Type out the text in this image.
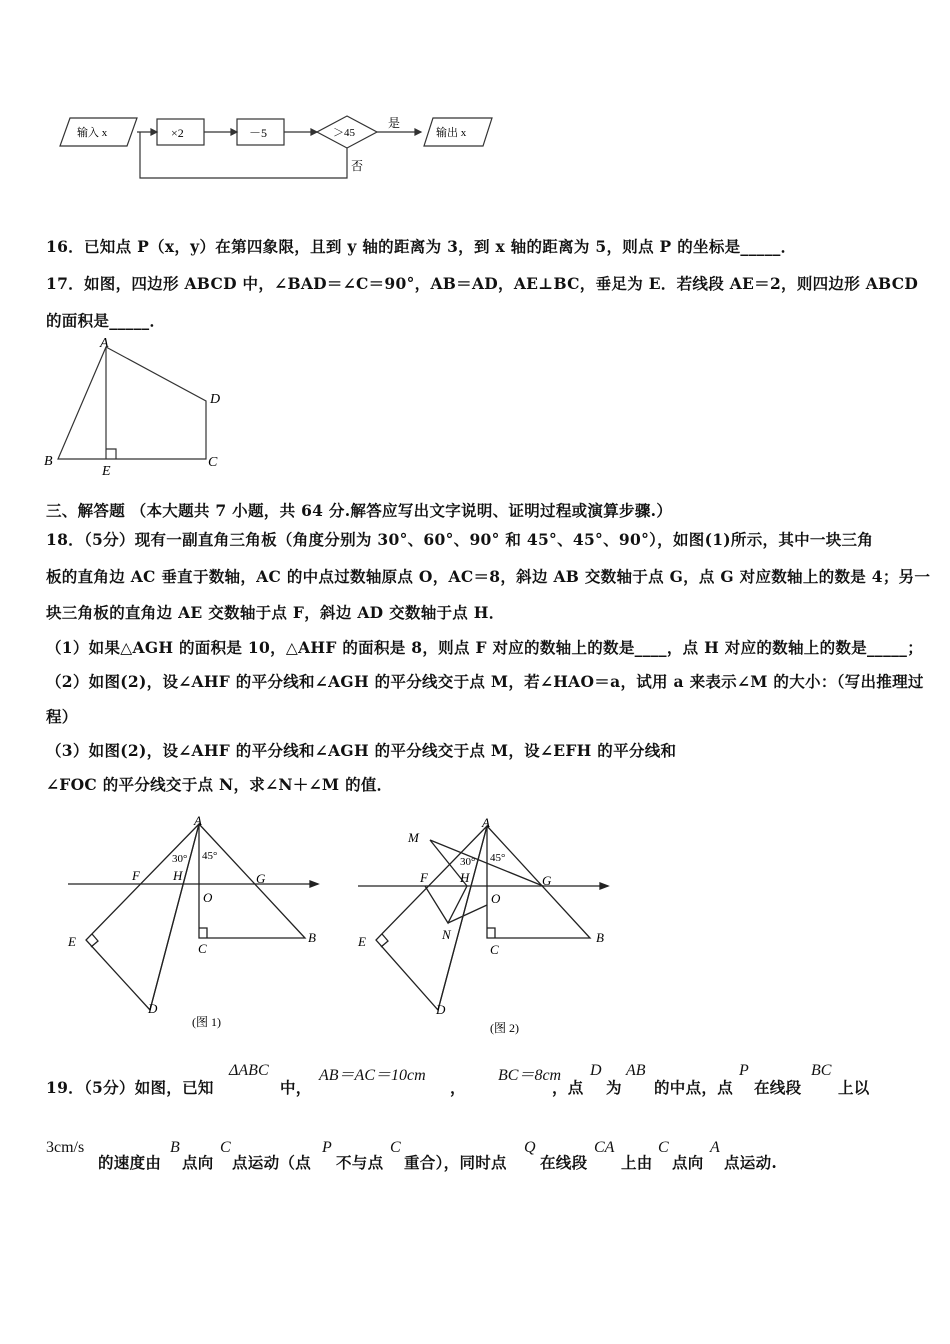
输入 x	×2	－5	＞45
是
否
输出 x
16．已知点 P（x，y）在第四象限，且到 y 轴的距离为 3，到 x 轴的距离为 5，则点 P 的坐标是_____．
17．如图，四边形 ABCD 中，∠BAD＝∠C＝90°，AB＝AD，AE⊥BC，垂足为 E．若线段 AE＝2，则四边形 ABCD
的面积是_____．
A
B
E
C
D
三、解答题 （本大题共 7 小题，共 64 分.解答应写出文字说明、证明过程或演算步骤.）
18．（5分）现有一副直角三角板（角度分别为 30°、60°、90° 和 45°、45°、90°），如图(1)所示，其中一块三角
板的直角边 AC 垂直于数轴，AC 的中点过数轴原点 O，AC＝8，斜边 AB 交数轴于点 G，点 G 对应数轴上的数是 4；另一
块三角板的直角边 AE 交数轴于点 F，斜边 AD 交数轴于点 H．
（1）如果△AGH 的面积是 10，△AHF 的面积是 8，则点 F 对应的数轴上的数是____，点 H 对应的数轴上的数是_____；
（2）如图(2)，设∠AHF 的平分线和∠AGH 的平分线交于点 M，若∠HAO＝a，试用 a 来表示∠M 的大小：（写出推理过
程）
（3）如图(2)，设∠AHF 的平分线和∠AGH 的平分线交于点 M，设∠EFH 的平分线和
∠FOC 的平分线交于点 N，求∠N＋∠M 的值．
A
30° 45°
F	H	G
O
E	C
B
D
(图 1)
M
A
30° 45°
F H	G
O
E	N
C
B
D
(图 2)
19．（5分）如图，已知
ΔABC
中，
AB＝AC＝10cm
，
BC＝8cm
，点
D
为
AB
的中点，点
P
在线段
BC
上以
3cm/s
的速度由
B
点向
C
点运动（点
P
不与点
C
重合），同时点
Q
在线段
CA
上由
C
点向
A
点运动.
